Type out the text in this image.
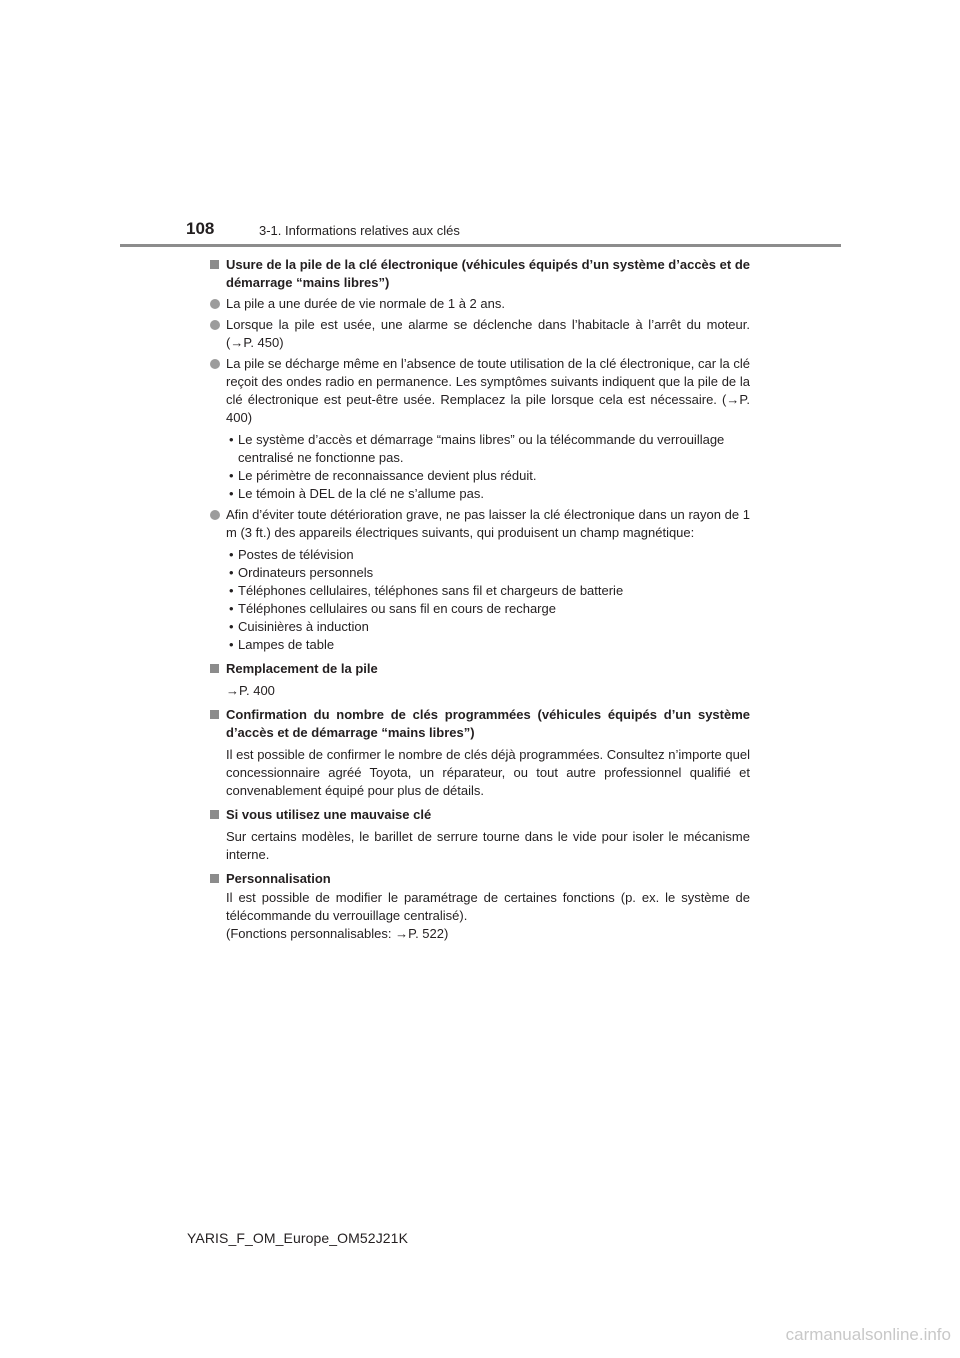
108	3-1. Informations relatives aux clés
Usure de la pile de la clé électronique (véhicules équipés d’un système d’accès et de démarrage “mains libres”)
La pile a une durée de vie normale de 1 à 2 ans.
Lorsque la pile est usée, une alarme se déclenche dans l’habitacle à l’arrêt du moteur. (→P. 450)
La pile se décharge même en l’absence de toute utilisation de la clé électronique, car la clé reçoit des ondes radio en permanence. Les symptômes suivants indiquent que la pile de la clé électronique est peut-être usée. Remplacez la pile lorsque cela est nécessaire. (→P. 400)
• Le système d’accès et démarrage “mains libres” ou la télécommande du verrouillage centralisé ne fonctionne pas.
• Le périmètre de reconnaissance devient plus réduit.
• Le témoin à DEL de la clé ne s’allume pas.
Afin d’éviter toute détérioration grave, ne pas laisser la clé électronique dans un rayon de 1 m (3 ft.) des appareils électriques suivants, qui produisent un champ magnétique:
• Postes de télévision
• Ordinateurs personnels
• Téléphones cellulaires, téléphones sans fil et chargeurs de batterie
• Téléphones cellulaires ou sans fil en cours de recharge
• Cuisinières à induction
• Lampes de table
Remplacement de la pile
→P. 400
Confirmation du nombre de clés programmées (véhicules équipés d’un système d’accès et de démarrage “mains libres”)
Il est possible de confirmer le nombre de clés déjà programmées. Consultez n’importe quel concessionnaire agréé Toyota, un réparateur, ou tout autre professionnel qualifié et convenablement équipé pour plus de détails.
Si vous utilisez une mauvaise clé
Sur certains modèles, le barillet de serrure tourne dans le vide pour isoler le mécanisme interne.
Personnalisation
Il est possible de modifier le paramétrage de certaines fonctions (p. ex. le système de télécommande du verrouillage centralisé).
(Fonctions personnalisables: →P. 522)
YARIS_F_OM_Europe_OM52J21K
carmanualsonline.info
